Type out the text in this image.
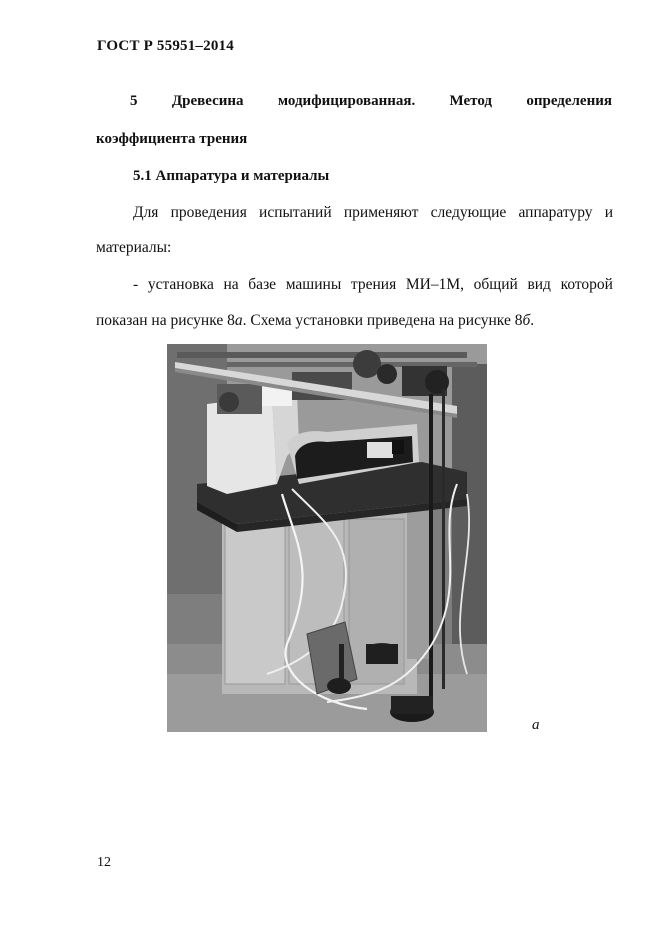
ГОСТ Р 55951–2014
5 Древесина модифицированная. Метод определения
коэффициента трения
5.1 Аппаратура и материалы
Для проведения испытаний применяют следующие аппаратуру и
материалы:
- установка на базе машины трения МИ–1М, общий вид которой
показан на рисунке 8а. Схема установки приведена на рисунке 8б.
а
12
